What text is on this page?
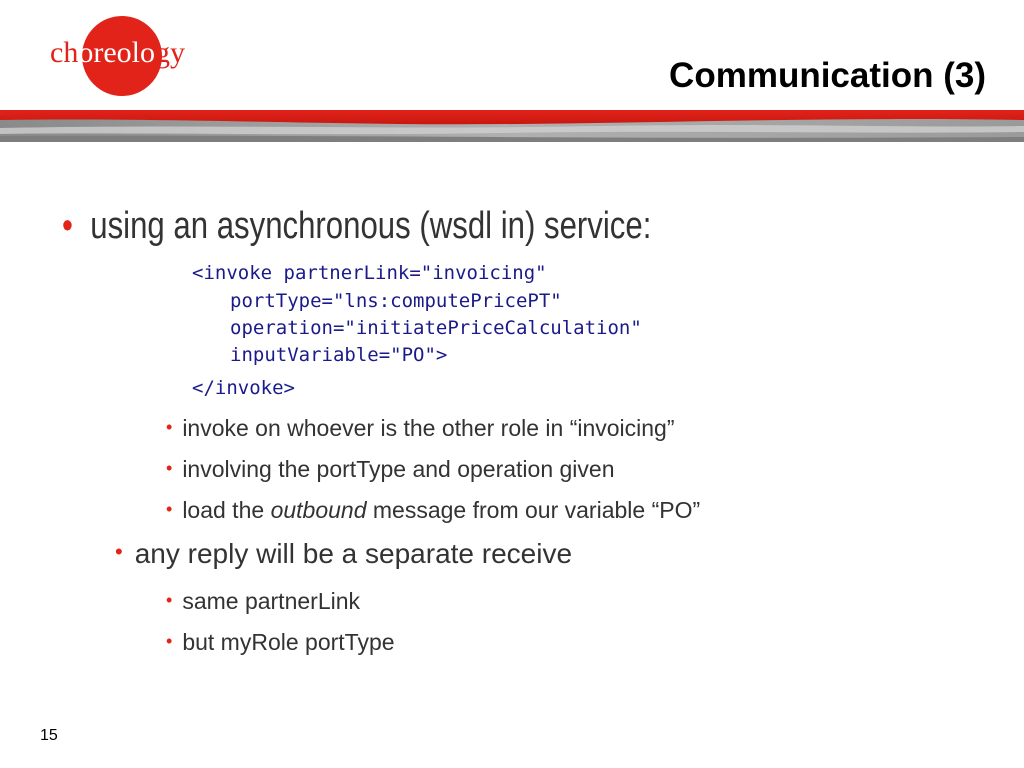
choreology
Communication (3)
• using an asynchronous (wsdl in) service:
<invoke partnerLink="invoicing"
portType="lns:computePricePT"
operation="initiatePriceCalculation"
inputVariable="PO">
</invoke>
• invoke on whoever is the other role in “invoicing”
• involving the portType and operation given
• load the outbound message from our variable “PO”
• any reply will be a separate receive
• same partnerLink
• but myRole portType
15
